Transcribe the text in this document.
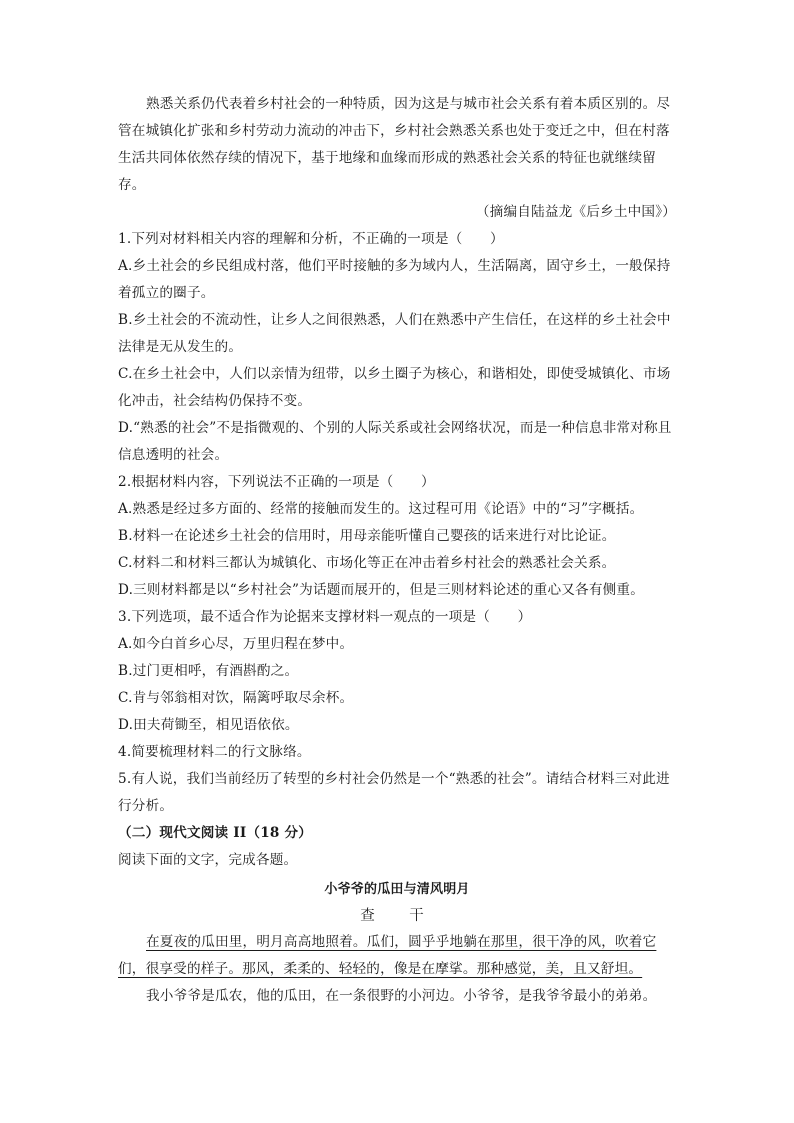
熟悉关系仍代表着乡村社会的一种特质，因为这是与城市社会关系有着本质区别的。尽管在城镇化扩张和乡村劳动力流动的冲击下，乡村社会熟悉关系也处于变迁之中，但在村落生活共同体依然存续的情况下，基于地缘和血缘而形成的熟悉社会关系的特征也就继续留存。

（摘编自陆益龙《后乡土中国》）

1.下列对材料相关内容的理解和分析，不正确的一项是（　　）

A.乡土社会的乡民组成村落，他们平时接触的多为域内人，生活隔离，固守乡土，一般保持着孤立的圈子。

B.乡土社会的不流动性，让乡人之间很熟悉，人们在熟悉中产生信任，在这样的乡土社会中法律是无从发生的。

C.在乡土社会中，人们以亲情为纽带，以乡土圈子为核心，和谐相处，即使受城镇化、市场化冲击，社会结构仍保持不变。

D.“熟悉的社会”不是指微观的、个别的人际关系或社会网络状况，而是一种信息非常对称且信息透明的社会。

2.根据材料内容，下列说法不正确的一项是（　　）

A.熟悉是经过多方面的、经常的接触而发生的。这过程可用《论语》中的“习”字概括。

B.材料一在论述乡土社会的信用时，用母亲能听懂自己婴孩的话来进行对比论证。

C.材料二和材料三都认为城镇化、市场化等正在冲击着乡村社会的熟悉社会关系。

D.三则材料都是以“乡村社会”为话题而展开的，但是三则材料论述的重心又各有侧重。

3.下列选项，最不适合作为论据来支撑材料一观点的一项是（　　）

A.如今白首乡心尽，万里归程在梦中。

B.过门更相呼，有酒斟酌之。

C.肯与邻翁相对饮，隔篱呼取尽余杯。

D.田夫荷锄至，相见语依依。

4.简要梳理材料二的行文脉络。

5.有人说，我们当前经历了转型的乡村社会仍然是一个“熟悉的社会”。请结合材料三对此进行分析。

（二）现代文阅读 II（18 分）

阅读下面的文字，完成各题。

小爷爷的瓜田与清风明月

查　干

在夏夜的瓜田里，明月高高地照着。瓜们，圆乎乎地躺在那里，很干净的风，吹着它们，很享受的样子。那风，柔柔的、轻轻的，像是在摩挲。那种感觉，美，且又舒坦。

我小爷爷是瓜农，他的瓜田，在一条很野的小河边。小爷爷，是我爷爷最小的弟弟。
